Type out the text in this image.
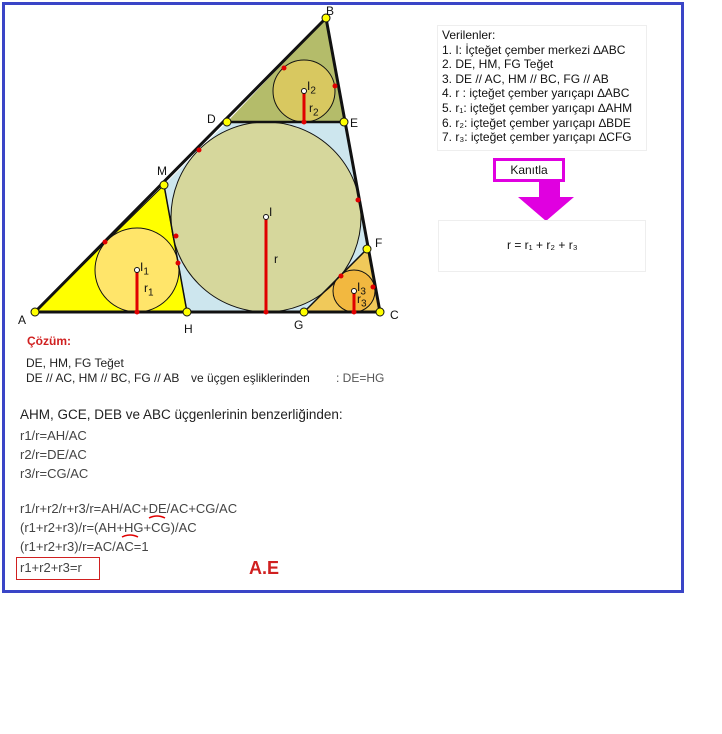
A
B
C
D	E
F
G
H
M
I
r
$I_1$
$r_1$
$I_2$
$r_2$
$I_3$
$r_3$
Verilenler:
1. I: İçteğet çember merkezi ∆ABC
2. DE, HM, FG Teğet
3. DE // AC, HM // BC, FG // AB
4. r : içteğet çember yarıçapı ∆ABC
5. r₁: içteğet çember yarıçapı ∆AHM
6. r₂: içteğet çember yarıçapı ∆BDE
7. r₃: içteğet çember yarıçapı ∆CFG
Kanıtla
r = r₁ + r₂ + r₃
Çözüm:
DE, HM, FG Teğet
DE // AC, HM // BC, FG // AB ve üçgen eşliklerinden : DE=HG
AHM, GCE, DEB ve ABC üçgenlerinin benzerliğinden:
r1/r=AH/AC
r2/r=DE/AC
r3/r=CG/AC
r1/r+r2/r+r3/r=AH/AC+DE/AC+CG/AC
(r1+r2+r3)/r=(AH+HG+CG)/AC
(r1+r2+r3)/r=AC/AC=1
r1+r2+r3=r	A.E
